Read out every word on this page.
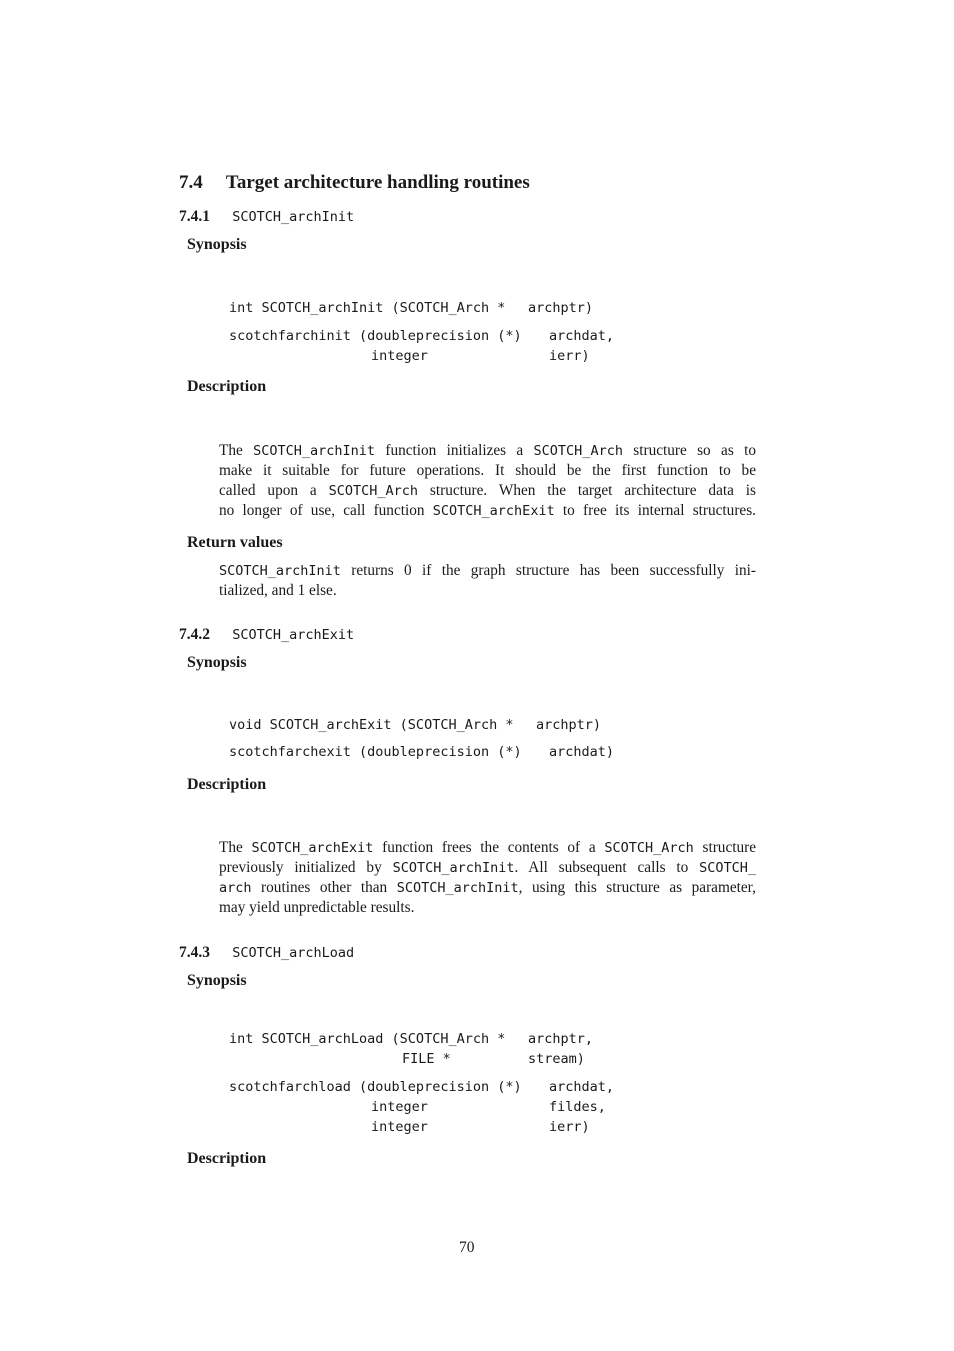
7.4 Target architecture handling routines
7.4.1 SCOTCH_archInit
Synopsis
int SCOTCH_archInit (SCOTCH_Arch * archptr)
scotchfarchinit (doubleprecision (*) archdat,
integer	ierr)
Description
The SCOTCH_archInit function initializes a SCOTCH_Arch structure so as to
make it suitable for future operations. It should be the first function to be
called upon a SCOTCH_Arch structure. When the target architecture data is
no longer of use, call function SCOTCH_archExit to free its internal structures.
Return values
SCOTCH_archInit returns 0 if the graph structure has been successfully ini-
tialized, and 1 else.
7.4.2 SCOTCH_archExit
Synopsis
void SCOTCH_archExit (SCOTCH_Arch * archptr)
scotchfarchexit (doubleprecision (*) archdat)
Description
The SCOTCH_archExit function frees the contents of a SCOTCH_Arch structure
previously initialized by SCOTCH_archInit. All subsequent calls to SCOTCH_
arch routines other than SCOTCH_archInit, using this structure as parameter,
may yield unpredictable results.
7.4.3 SCOTCH_archLoad
Synopsis
int SCOTCH_archLoad (SCOTCH_Arch * archptr,
FILE *	stream)
scotchfarchload (doubleprecision (*) archdat,
integer	fildes,
integer	ierr)
Description
70
